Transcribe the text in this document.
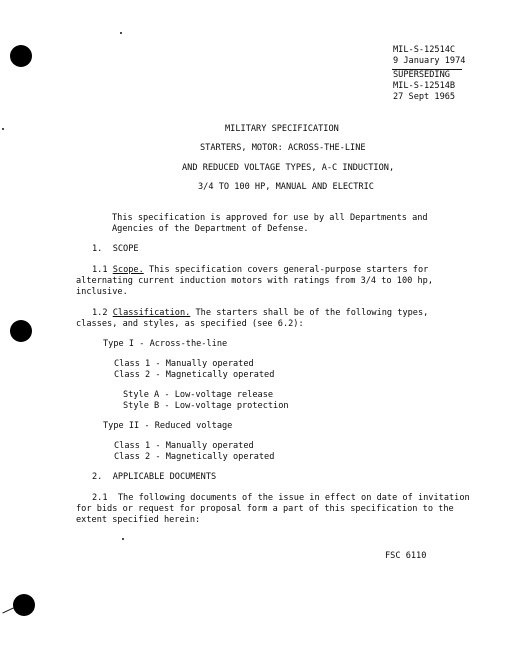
MIL-S-12514C
9 January 1974
SUPERSEDING
MIL-S-12514B
27 Sept 1965
MILITARY SPECIFICATION
STARTERS, MOTOR: ACROSS-THE-LINE
AND REDUCED VOLTAGE TYPES, A-C INDUCTION,
3/4 TO 100 HP, MANUAL AND ELECTRIC
This specification is approved for use by all Departments and
Agencies of the Department of Defense.
1.  SCOPE
1.1 Scope. This specification covers general-purpose starters for
alternating current induction motors with ratings from 3/4 to 100 hp,
inclusive.
1.2 Classification. The starters shall be of the following types,
classes, and styles, as specified (see 6.2):
Type I - Across-the-line
Class 1 - Manually operated
Class 2 - Magnetically operated
Style A - Low-voltage release
Style B - Low-voltage protection
Type II - Reduced voltage
Class 1 - Manually operated
Class 2 - Magnetically operated
2.  APPLICABLE DOCUMENTS
2.1  The following documents of the issue in effect on date of invitation
for bids or request for proposal form a part of this specification to the
extent specified herein:
FSC 6110
